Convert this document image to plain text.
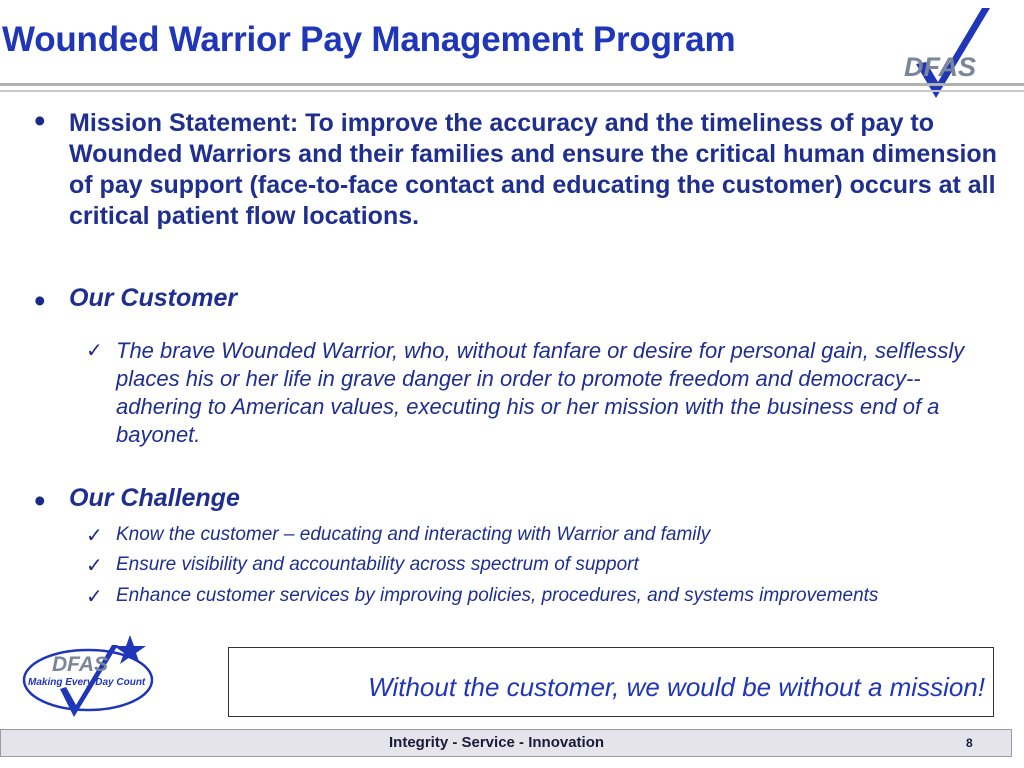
Wounded Warrior Pay Management Program
DFAS
• Mission Statement: To improve the accuracy and the timeliness of pay to Wounded Warriors and their families and ensure the critical human dimension of pay support (face-to-face contact and educating the customer) occurs at all critical patient flow locations.
• Our Customer
✓ The brave Wounded Warrior, who, without fanfare or desire for personal gain, selflessly places his or her life in grave danger in order to promote freedom and democracy--adhering to American values, executing his or her mission with the business end of a bayonet.
• Our Challenge
✓ Know the customer – educating and interacting with Warrior and family
✓ Ensure visibility and accountability across spectrum of support
✓ Enhance customer services by improving policies, procedures, and systems improvements
DFAS
Making Every Day Count	Without the customer, we would be without a mission!
Integrity - Service - Innovation	8
